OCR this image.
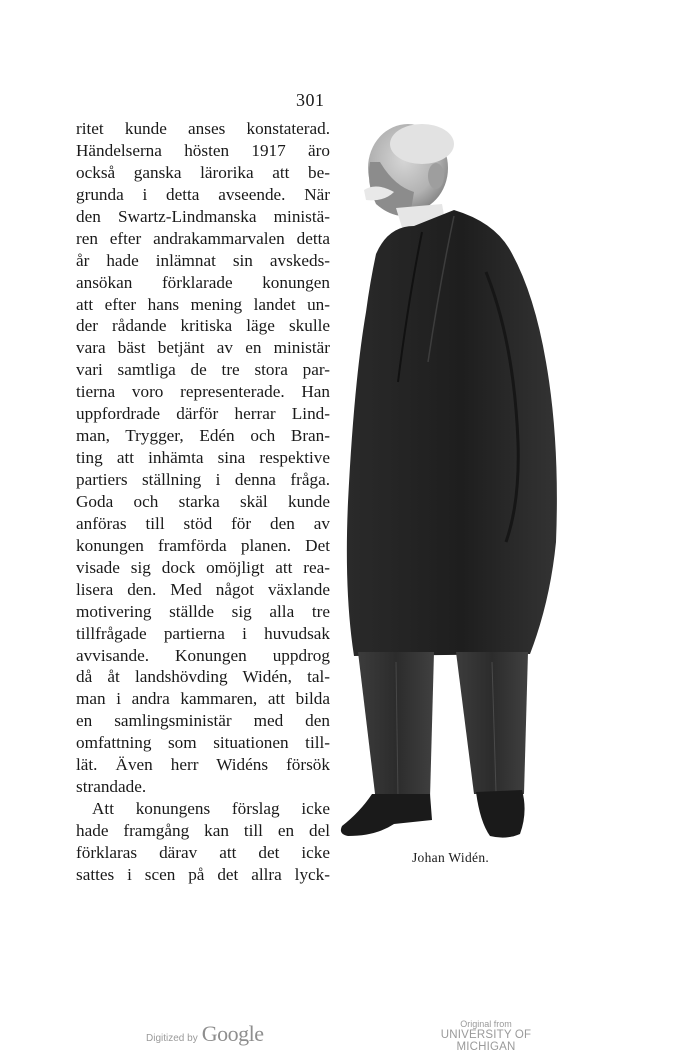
301
ritet kunde anses konstaterad.
Händelserna hösten 1917 äro
också ganska lärorika att be-
grunda i detta avseende. När
den Swartz-Lindmanska ministä-
ren efter andrakammarvalen detta
år hade inlämnat sin avskeds-
ansökan förklarade konungen
att efter hans mening landet un-
der rådande kritiska läge skulle
vara bäst betjänt av en ministär
vari samtliga de tre stora par-
tierna voro representerade. Han
uppfordrade därför herrar Lind-
man, Trygger, Edén och Bran-
ting att inhämta sina respektive
partiers ställning i denna fråga.
Goda och starka skäl kunde
anföras till stöd för den av
konungen framförda planen. Det
visade sig dock omöjligt att rea-
lisera den. Med något växlande
motivering ställde sig alla tre
tillfrågade partierna i huvudsak
avvisande. Konungen uppdrog
då åt landshövding Widén, tal-
man i andra kammaren, att bilda
en samlingsministär med den
omfattning som situationen till-
lät. Även herr Widéns försök
strandade.
Att konungens förslag icke
hade framgång kan till en del
förklaras därav att det icke
sattes i scen på det allra lyck-
Johan Widén.
Digitized by Google	Original from
UNIVERSITY OF MICHIGAN
